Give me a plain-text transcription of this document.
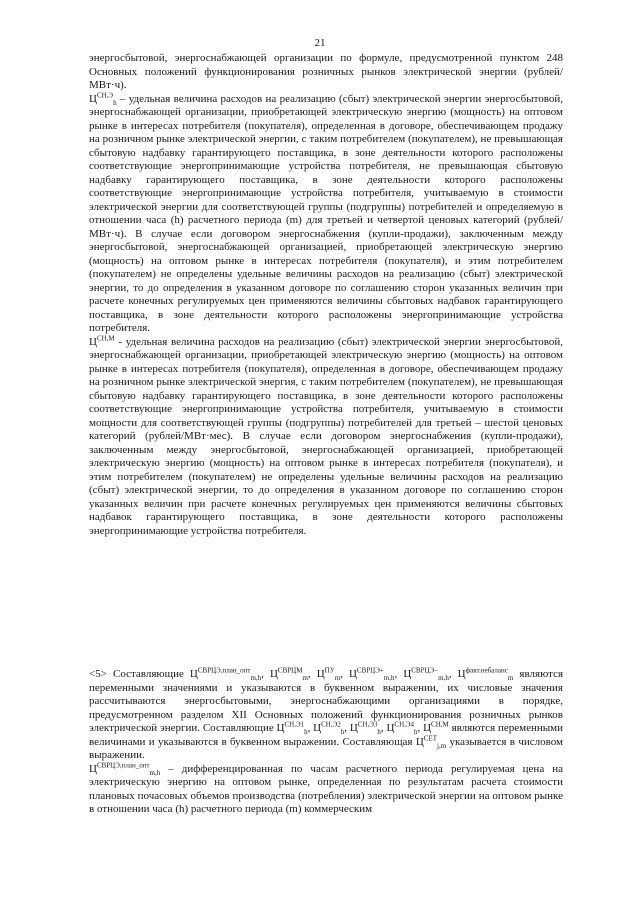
21

энергосбытовой, энергоснабжающей организации по формуле, предусмотренной пунктом 248 Основных положений функционирования розничных рынков электрической энергии (рублей/МВт·ч).

$Ц^{СН,Э}_h$ – удельная величина расходов на реализацию (сбыт) электрической энергии энергосбытовой, энергоснабжающей организации, приобретающей электрическую энергию (мощность) на оптовом рынке в интересах потребителя (покупателя), определенная в договоре, обеспечивающем продажу на розничном рынке электрической энергии, с таким потребителем (покупателем), не превышающая сбытовую надбавку гарантирующего поставщика, в зоне деятельности которого расположены соответствующие энергопринимающие устройства потребителя, не превышающая сбытовую надбавку гарантирующего поставщика, в зоне деятельности которого расположены соответствующие энергопринимающие устройства потребителя, учитываемую в стоимости электрической энергии для соответствующей группы (подгруппы) потребителей и определяемую в отношении часа (h) расчетного периода (m) для третьей и четвертой ценовых категорий (рублей/МВт·ч). В случае если договором энергоснабжения (купли-продажи), заключенным между энергосбытовой, энергоснабжающей организацией, приобретающей электрическую энергию (мощность) на оптовом рынке в интересах потребителя (покупателя), и этим потребителем (покупателем) не определены удельные величины расходов на реализацию (сбыт) электрической энергии, то до определения в указанном договоре по соглашению сторон указанных величин при расчете конечных регулируемых цен применяются величины сбытовых надбавок гарантирующего поставщика, в зоне деятельности которого расположены энергопринимающие устройства потребителя.

$Ц^{СН,М}$ - удельная величина расходов на реализацию (сбыт) электрической энергии энергосбытовой, энергоснабжающей организации, приобретающей электрическую энергию (мощность) на оптовом рынке в интересах потребителя (покупателя), определенная в договоре, обеспечивающем продажу на розничном рынке электрической энергия, с таким потребителем (покупателем), не превышающая сбытовую надбавку гарантирующего поставщика, в зоне деятельности которого расположены соответствующие энергопринимающие устройства потребителя, учитываемую в стоимости мощности для соответствующей группы (подгруппы) потребителей для третьей – шестой ценовых категорий (рублей/МВт·мес). В случае если договором энергоснабжения (купли-продажи), заключенным между энергосбытовой, энергоснабжающей организацией, приобретающей электрическую энергию (мощность) на оптовом рынке в интересах потребителя (покупателя), и этим потребителем (покупателем) не определены удельные величины расходов на реализацию (сбыт) электрической энергии, то до определения в указанном договоре по соглашению сторон указанных величин при расчете конечных регулируемых цен применяются величины сбытовых надбавок гарантирующего поставщика, в зоне деятельности которого расположены энергопринимающие устройства потребителя.

<5> Составляющие $Ц^{СВРЦЭ,план\_опт}_{m,h}$, $Ц^{СВРЦМ}_m$, $Ц^{ПУ}_m$, $Ц^{СВРЦЭ+}_{m,h}$, $Ц^{СВРЦЭ-}_{m,h}$, $Ц^{факт.небаланс}_m$ являются переменными значениями и указываются в буквенном выражении, их числовые значения рассчитываются энергосбытовыми, энергоснабжающими организациями в порядке, предусмотренном разделом XII Основных положений функционирования розничных рынков электрической энергии. Составляющие $Ц^{СН,Э1}_h$, $Ц^{СН,Э2}_h$, $Ц^{СН,Э3}_h$, $Ц^{СН,Э4}_h$, $Ц^{СН,М}$ являются переменными величинами и указываются в буквенном выражении. Составляющая $Ц^{СЕТ}_{j,m}$ указывается в числовом выражении.

$Ц^{СВРЦЭ,план\_опт}_{m,h}$ – дифференцированная по часам расчетного периода регулируемая цена на электрическую энергию на оптовом рынке, определенная по результатам расчета стоимости плановых почасовых объемов производства (потребления) электрической энергии на оптовом рынке в отношении часа (h) расчетного периода (m) коммерческим
